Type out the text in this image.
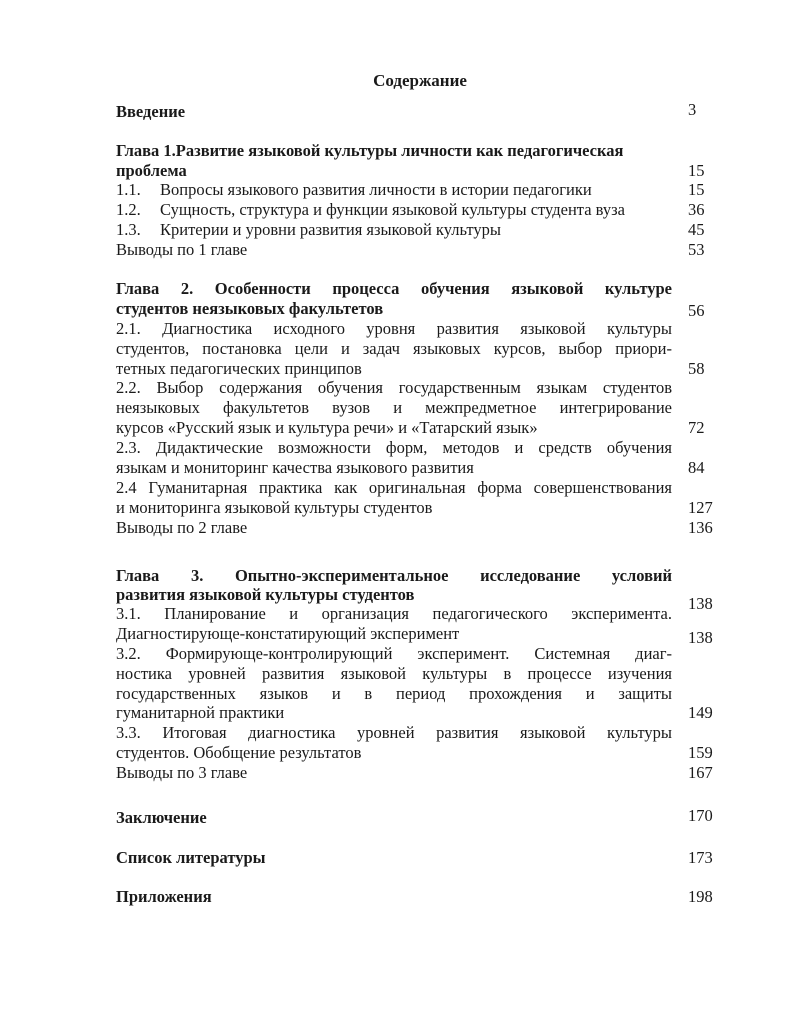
Содержание
Введение	3
Глава 1.Развитие языковой культуры личности как педагогическая
проблема	15
1.1. Вопросы языкового развития личности в истории педагогики	15
1.2. Сущность, структура и функции языковой культуры студента вуза	36
1.3. Критерии и уровни развития языковой культуры	45
Выводы по 1 главе	53
Глава 2. Особенности процесса обучения языковой культуре
студентов неязыковых факультетов	56
2.1. Диагностика исходного уровня развития языковой культуры
студентов, постановка цели и задач языковых курсов, выбор приори-
тетных педагогических принципов	58
2.2. Выбор содержания обучения государственным языкам студентов
неязыковых факультетов вузов и межпредметное интегрирование
курсов «Русский язык и культура речи» и «Татарский язык»	72
2.3. Дидактические возможности форм, методов и средств обучения
языкам и мониторинг качества языкового развития	84
2.4 Гуманитарная практика как оригинальная форма совершенствования
и мониторинга языковой культуры студентов	127
Выводы по 2 главе	136
Глава 3. Опытно-экспериментальное исследование условий
развития языковой культуры студентов	138
3.1. Планирование и организация педагогического эксперимента.
Диагностирующе-констатирующий эксперимент	138
3.2. Формирующе-контролирующий эксперимент. Системная диаг-
ностика уровней развития языковой культуры в процессе изучения
государственных языков и в период прохождения и защиты
гуманитарной практики	149
3.3. Итоговая диагностика уровней развития языковой культуры
студентов. Обобщение результатов	159
Выводы по 3 главе	167
Заключение	170
Список литературы	173
Приложения	198
